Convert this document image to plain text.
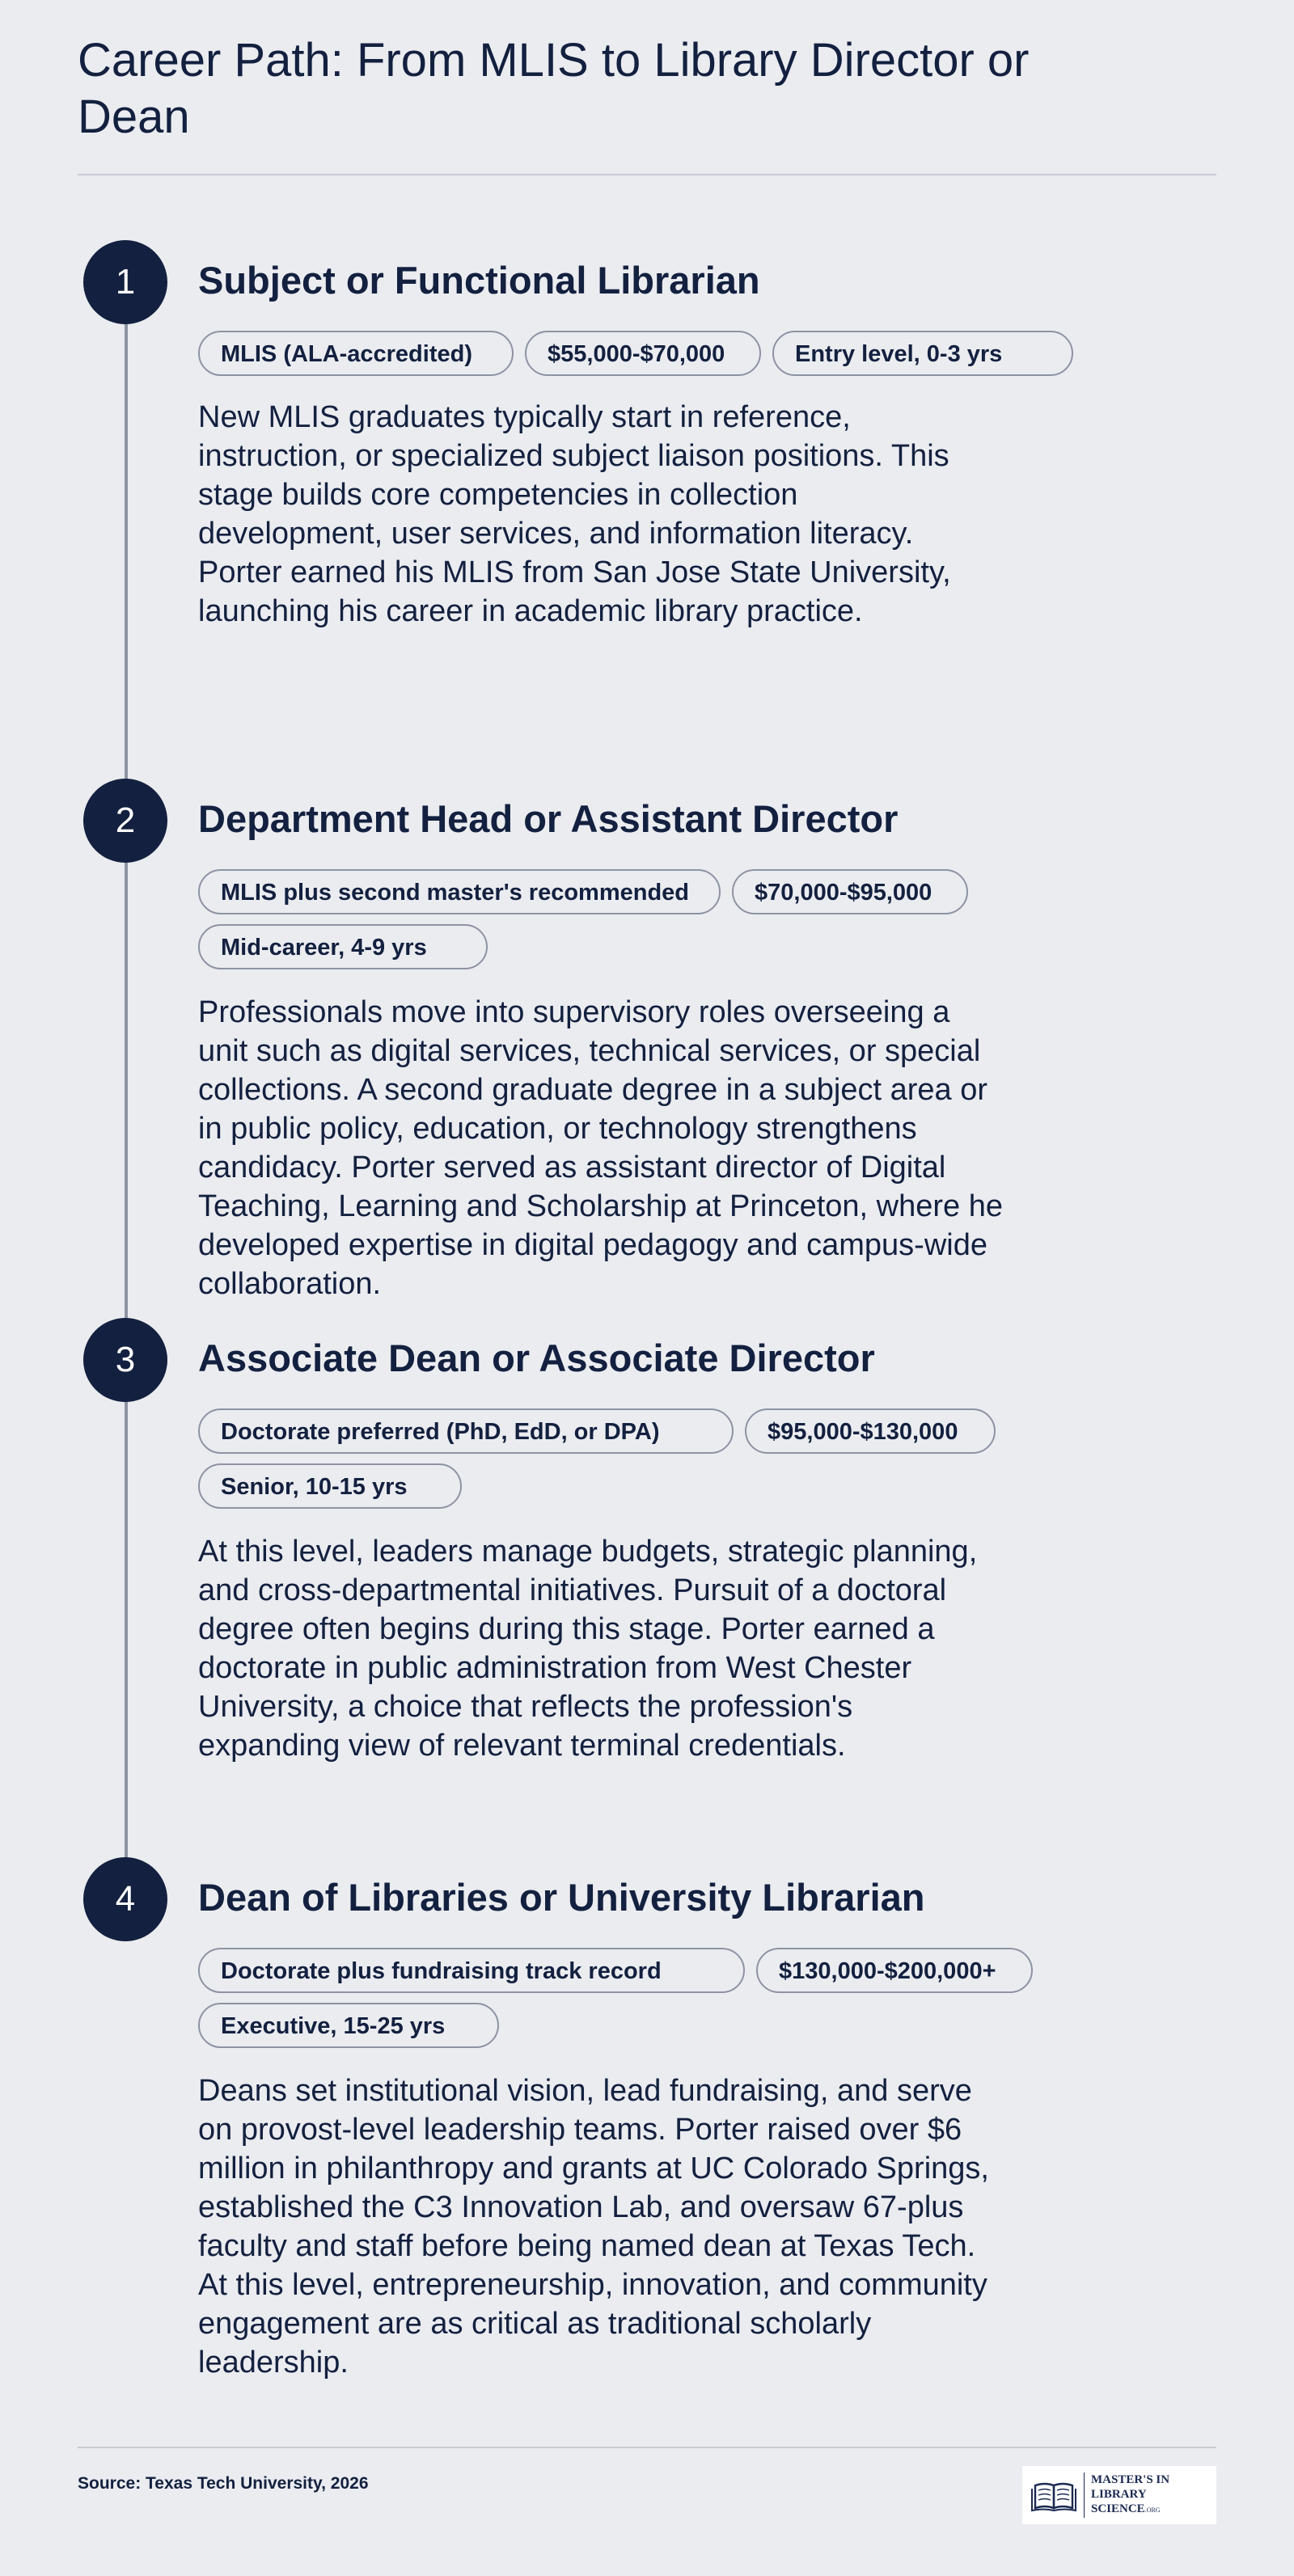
Career Path: From MLIS to Library Director or Dean
1	Subject or Functional Librarian
MLIS (ALA-accredited)	$55,000-$70,000	Entry level, 0-3 yrs

New MLIS graduates typically start in reference, instruction, or specialized subject liaison positions. This stage builds core competencies in collection development, user services, and information literacy. Porter earned his MLIS from San Jose State University, launching his career in academic library practice.

2	Department Head or Assistant Director
MLIS plus second master's recommended	$70,000-$95,000
Mid-career, 4-9 yrs

Professionals move into supervisory roles overseeing a unit such as digital services, technical services, or special collections. A second graduate degree in a subject area or in public policy, education, or technology strengthens candidacy. Porter served as assistant director of Digital Teaching, Learning and Scholarship at Princeton, where he developed expertise in digital pedagogy and campus-wide collaboration.

3	Associate Dean or Associate Director
Doctorate preferred (PhD, EdD, or DPA)	$95,000-$130,000
Senior, 10-15 yrs

At this level, leaders manage budgets, strategic planning, and cross-departmental initiatives. Pursuit of a doctoral degree often begins during this stage. Porter earned a doctorate in public administration from West Chester University, a choice that reflects the profession's expanding view of relevant terminal credentials.

4	Dean of Libraries or University Librarian
Doctorate plus fundraising track record	$130,000-$200,000+
Executive, 15-25 yrs

Deans set institutional vision, lead fundraising, and serve on provost-level leadership teams. Porter raised over $6 million in philanthropy and grants at UC Colorado Springs, established the C3 Innovation Lab, and oversaw 67-plus faculty and staff before being named dean at Texas Tech. At this level, entrepreneurship, innovation, and community engagement are as critical as traditional scholarly leadership.

Source: Texas Tech University, 2026	MASTER'S IN
LIBRARY SCIENCE.ORG
